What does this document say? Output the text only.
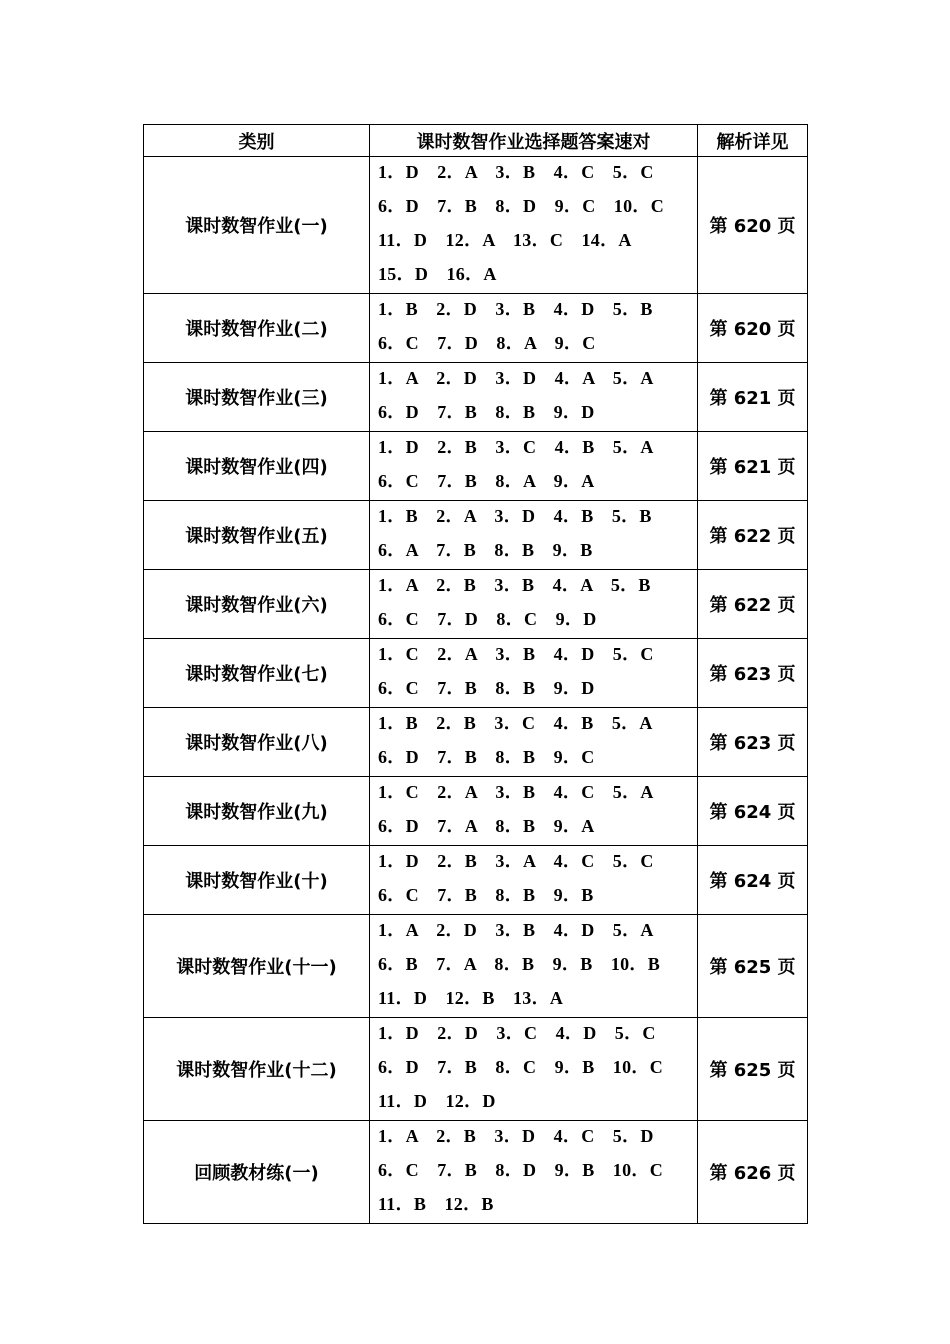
类别	课时数智作业选择题答案速对	解析详见
课时数智作业(一)	1．D　2．A　3．B　4．C　5．C
6．D　7．B　8．D　9．C　10．C
11．D　12．A　13．C　14．A
15．D　16．A	第 620 页
课时数智作业(二)	1．B　2．D　3．B　4．D　5．B
6．C　7．D　8．A　9．C	第 620 页
课时数智作业(三)	1．A　2．D　3．D　4．A　5．A
6．D　7．B　8．B　9．D	第 621 页
课时数智作业(四)	1．D　2．B　3．C　4．B　5．A
6．C　7．B　8．A　9．A	第 621 页
课时数智作业(五)	1．B　2．A　3．D　4．B　5．B
6．A　7．B　8．B　9．B	第 622 页
课时数智作业(六)	1．A　2．B　3．B　4．A　5．B
6．C　7．D　8．C　9．D	第 622 页
课时数智作业(七)	1．C　2．A　3．B　4．D　5．C
6．C　7．B　8．B　9．D	第 623 页
课时数智作业(八)	1．B　2．B　3．C　4．B　5．A
6．D　7．B　8．B　9．C	第 623 页
课时数智作业(九)	1．C　2．A　3．B　4．C　5．A
6．D　7．A　8．B　9．A	第 624 页
课时数智作业(十)	1．D　2．B　3．A　4．C　5．C
6．C　7．B　8．B　9．B	第 624 页
课时数智作业(十一)	1．A　2．D　3．B　4．D　5．A
6．B　7．A　8．B　9．B　10．B
11．D　12．B　13．A	第 625 页
课时数智作业(十二)	1．D　2．D　3．C　4．D　5．C
6．D　7．B　8．C　9．B　10．C
11．D　12．D	第 625 页
回顾教材练(一)	1．A　2．B　3．D　4．C　5．D
6．C　7．B　8．D　9．B　10．C
11．B　12．B	第 626 页
